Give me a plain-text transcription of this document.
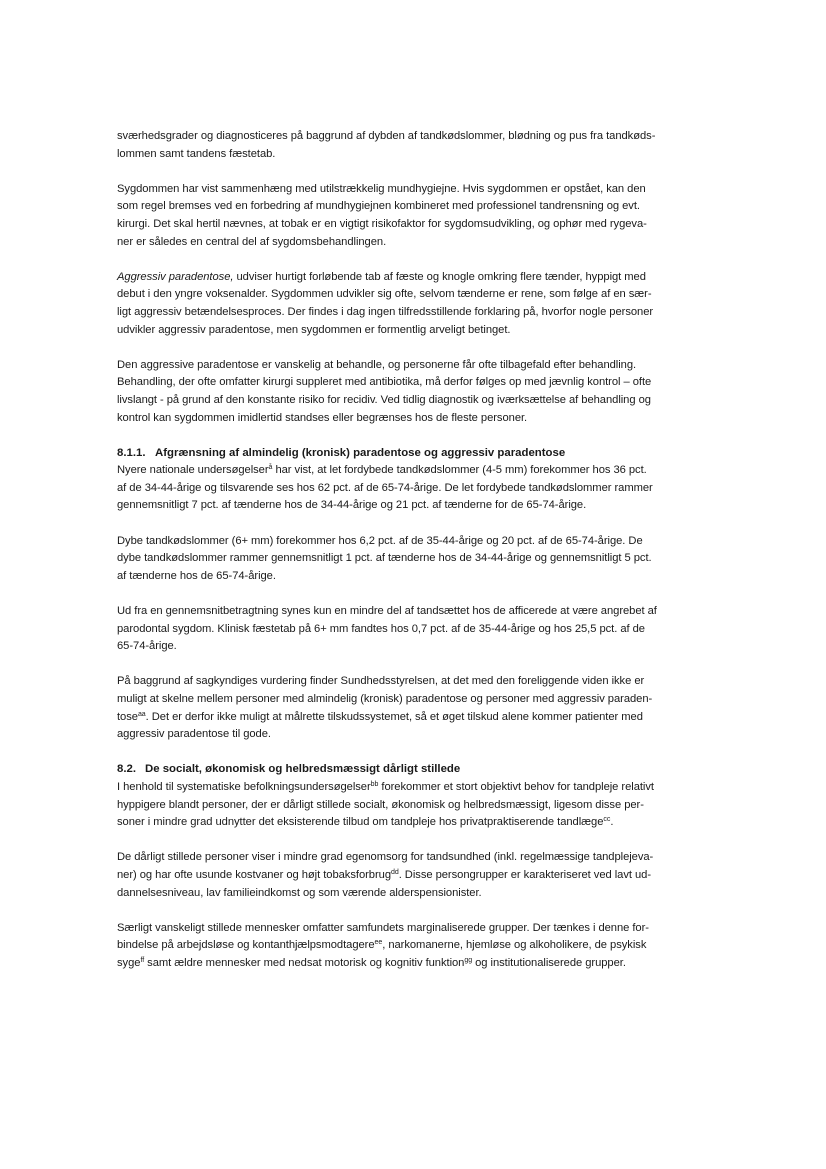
sværhedsgrader og diagnosticeres på baggrund af dybden af tandkødslommer, blødning og pus fra tandkøds-

lommen samt tandens fæstetab.

Sygdommen har vist sammenhæng med utilstrækkelig mundhygiejne. Hvis sygdommen er opstået, kan den

som regel bremses ved en forbedring af mundhygiejnen kombineret med professionel tandrensning og evt.

kirurgi. Det skal hertil nævnes, at tobak er en vigtigt risikofaktor for sygdomsudvikling, og ophør med rygeva-

ner er således en central del af sygdomsbehandlingen.

Aggressiv paradentose, udviser hurtigt forløbende tab af fæste og knogle omkring flere tænder, hyppigt med

debut i den yngre voksenalder. Sygdommen udvikler sig ofte, selvom tænderne er rene, som følge af en sær-

ligt aggressiv betændelsesproces. Der findes i dag ingen tilfredsstillende forklaring på, hvorfor nogle personer

udvikler aggressiv paradentose, men sygdommen er formentlig arveligt betinget.

Den aggressive paradentose er vanskelig at behandle, og personerne får ofte tilbagefald efter behandling.

Behandling, der ofte omfatter kirurgi suppleret med antibiotika, må derfor følges op med jævnlig kontrol – ofte

livslangt - på grund af den konstante risiko for recidiv. Ved tidlig diagnostik og iværksættelse af behandling og

kontrol kan sygdommen imidlertid standses eller begrænses hos de fleste personer.

8.1.1. Afgrænsning af almindelig (kronisk) paradentose og aggressiv paradentose

Nyere nationale undersøgelser$^å$ har vist, at let fordybede tandkødslommer (4-5 mm) forekommer hos 36 pct.

af de 34-44-årige og tilsvarende ses hos 62 pct. af de 65-74-årige. De let fordybede tandkødslommer rammer

gennemsnitligt 7 pct. af tænderne hos de 34-44-årige og 21 pct. af tænderne for de 65-74-årige.

Dybe tandkødslommer (6+ mm) forekommer hos 6,2 pct. af de 35-44-årige og 20 pct. af de 65-74-årige. De

dybe tandkødslommer rammer gennemsnitligt 1 pct. af tænderne hos de 34-44-årige og gennemsnitligt 5 pct.

af tænderne hos de 65-74-årige.

Ud fra en gennemsnitbetragtning synes kun en mindre del af tandsættet hos de afficerede at være angrebet af

parodontal sygdom. Klinisk fæstetab på 6+ mm fandtes hos 0,7 pct. af de 35-44-årige og hos 25,5 pct. af de

65-74-årige.

På baggrund af sagkyndiges vurdering finder Sundhedsstyrelsen, at det med den foreliggende viden ikke er

muligt at skelne mellem personer med almindelig (kronisk) paradentose og personer med aggressiv paraden-

tose$^{aa}$. Det er derfor ikke muligt at målrette tilskudssystemet, så et øget tilskud alene kommer patienter med

aggressiv paradentose til gode.

8.2. De socialt, økonomisk og helbredsmæssigt dårligt stillede

I henhold til systematiske befolkningsundersøgelser$^{bb}$ forekommer et stort objektivt behov for tandpleje relativt

hyppigere blandt personer, der er dårligt stillede socialt, økonomisk og helbredsmæssigt, ligesom disse per-

soner i mindre grad udnytter det eksisterende tilbud om tandpleje hos privatpraktiserende tandlæge$^{cc}$.

De dårligt stillede personer viser i mindre grad egenomsorg for tandsundhed (inkl. regelmæssige tandplejeva-

ner) og har ofte usunde kostvaner og højt tobaksforbrug$^{dd}$. Disse persongrupper er karakteriseret ved lavt ud-

dannelsesniveau, lav familieindkomst og som værende alderspensionister.

Særligt vanskeligt stillede mennesker omfatter samfundets marginaliserede grupper. Der tænkes i denne for-

bindelse på arbejdsløse og kontanthjælpsmodtagere$^{ee}$, narkomanerne, hjemløse og alkoholikere, de psykisk

syge$^{ff}$ samt ældre mennesker med nedsat motorisk og kognitiv funktion$^{gg}$ og institutionaliserede grupper.
